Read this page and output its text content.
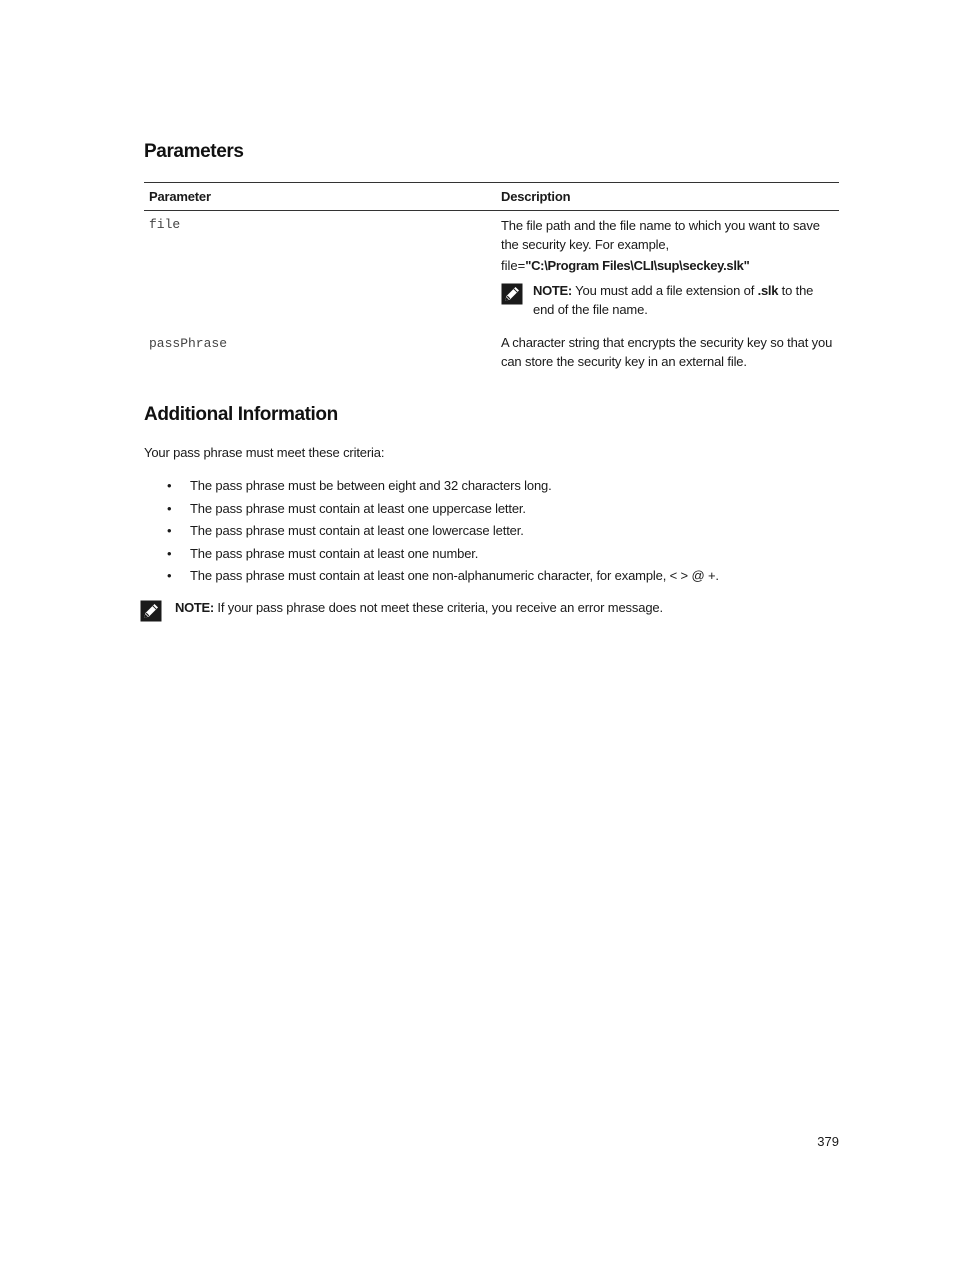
Parameters
Parameter	Description
file	The file path and the file name to which you want to save the security key. For example,
file="C:\Program Files\CLI\sup\seckey.slk"
NOTE: You must add a file extension of .slk to the end of the file name.

passPhrase	A character string that encrypts the security key so that you can store the security key in an external file.
Additional Information
Your pass phrase must meet these criteria:
• The pass phrase must be between eight and 32 characters long.
• The pass phrase must contain at least one uppercase letter.
• The pass phrase must contain at least one lowercase letter.
• The pass phrase must contain at least one number.
• The pass phrase must contain at least one non-alphanumeric character, for example, < > @ +.
NOTE: If your pass phrase does not meet these criteria, you receive an error message.
379
